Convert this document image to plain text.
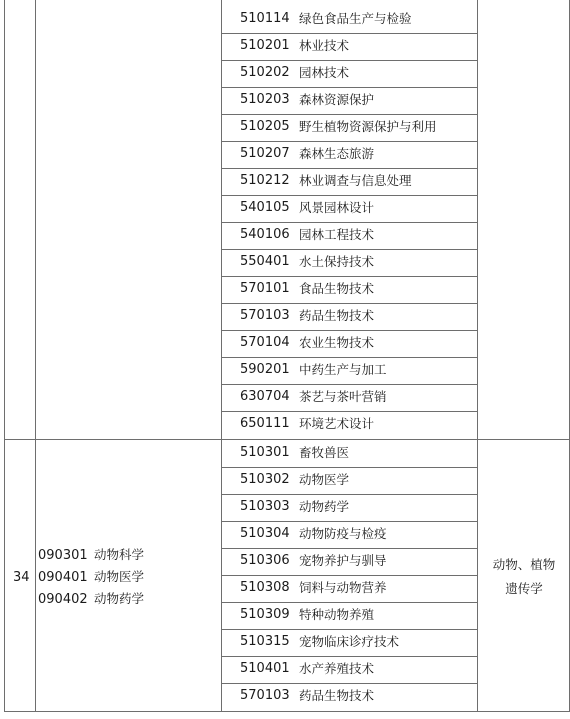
510114 绿色食品生产与检验
510201 林业技术
510202 园林技术
510203 森林资源保护
510205 野生植物资源保护与利用
510207 森林生态旅游
510212 林业调查与信息处理
540105 风景园林设计
540106 园林工程技术
550401 水土保持技术
570101 食品生物技术
570103 药品生物技术
570104 农业生物技术
590201 中药生产与加工
630704 茶艺与茶叶营销
650111 环境艺术设计
34
090301 动物科学
090401 动物医学
090402 动物药学
510301 畜牧兽医
510302 动物医学
510303 动物药学
510304 动物防疫与检疫
510306 宠物养护与驯导
510308 饲料与动物营养
510309 特种动物养殖
510315 宠物临床诊疗技术
510401 水产养殖技术
570103 药品生物技术
动物、植物
遗传学
